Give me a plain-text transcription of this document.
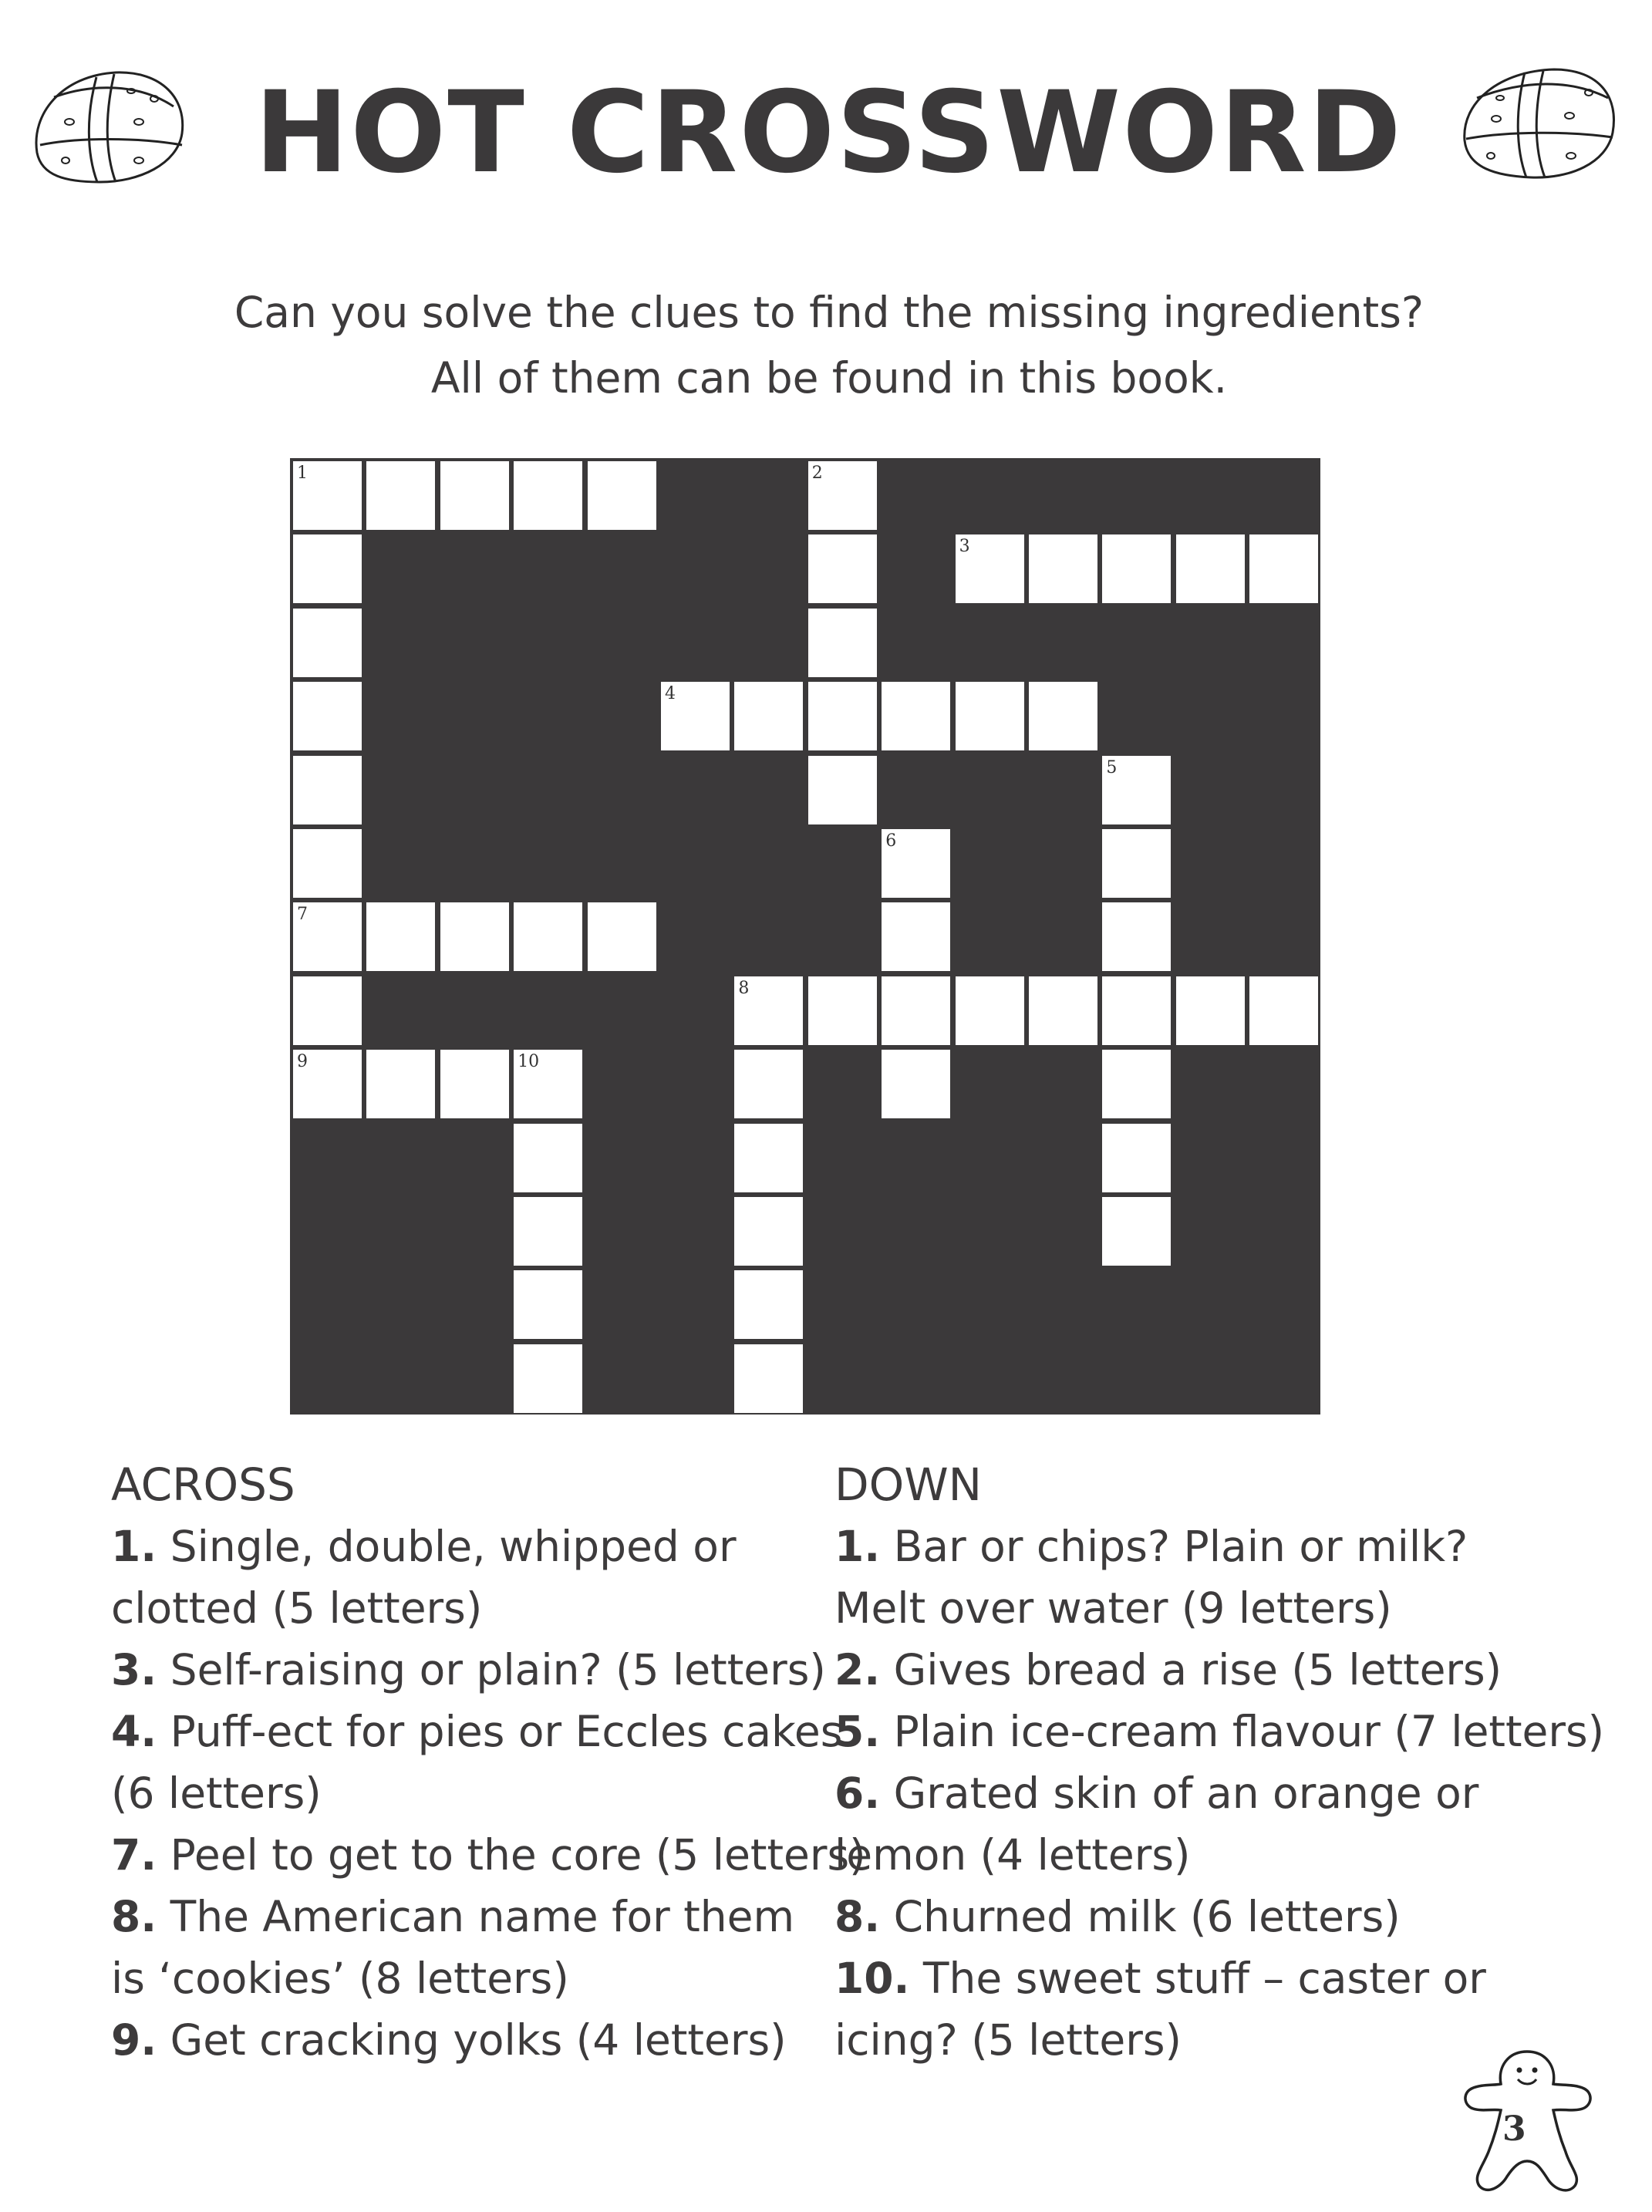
HOT CROSSWORD
Can you solve the clues to find the missing ingredients?
All of them can be found in this book.
1	2
3
4
5
6
7
8
9	10
ACROSS
1. Single, double, whipped or
clotted (5 letters)
3. Self-raising or plain? (5 letters)
4. Puff-ect for pies or Eccles cakes
(6 letters)
7. Peel to get to the core (5 letters)
8. The American name for them
is ‘cookies’ (8 letters)
9. Get cracking yolks (4 letters)
DOWN
1. Bar or chips? Plain or milk?
Melt over water (9 letters)
2. Gives bread a rise (5 letters)
5. Plain ice-cream flavour (7 letters)
6. Grated skin of an orange or
lemon (4 letters)
8. Churned milk (6 letters)
10. The sweet stuff – caster or
icing? (5 letters)
3
